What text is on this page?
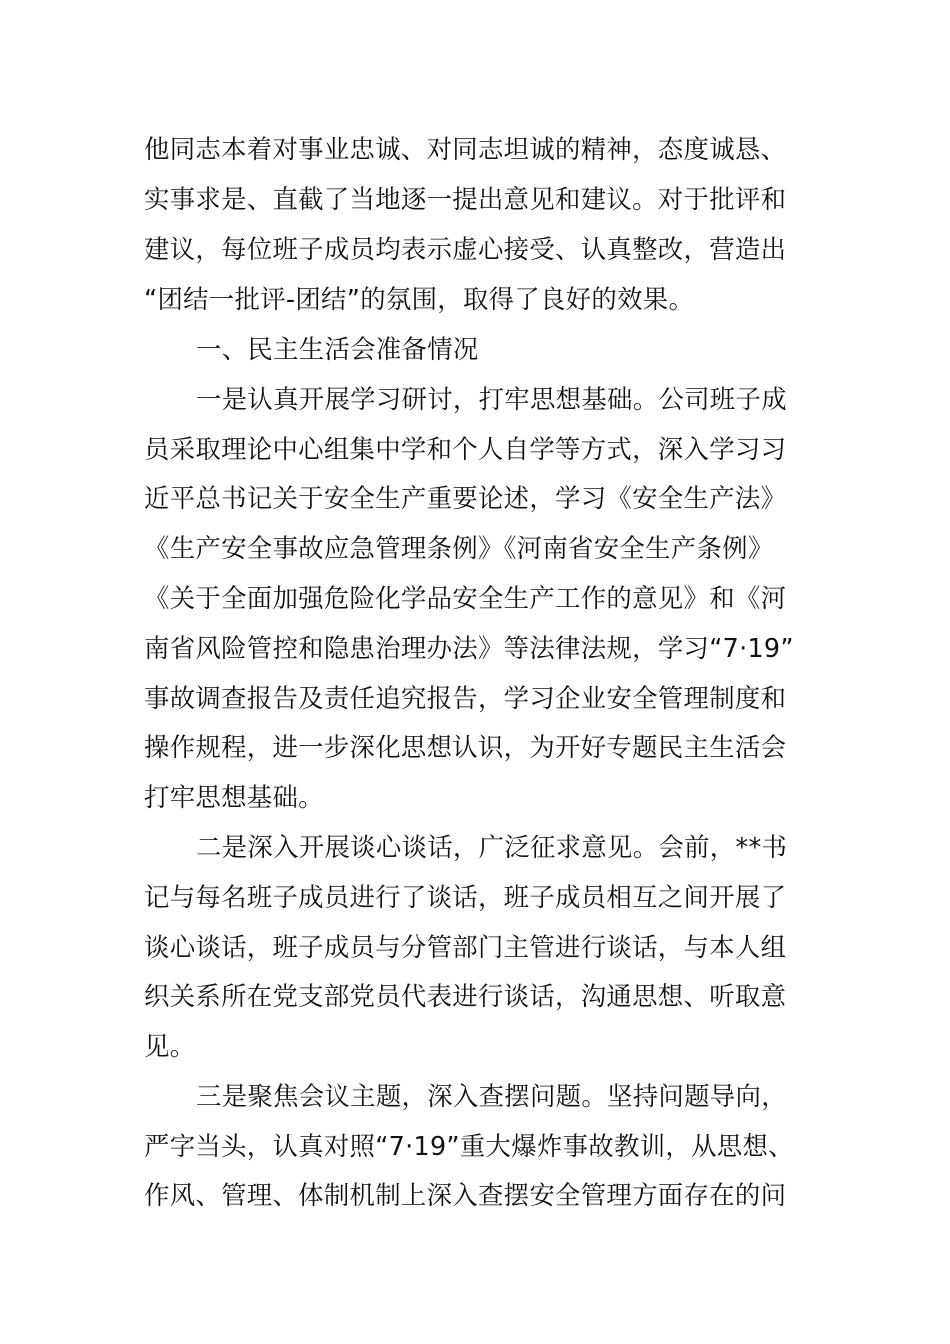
他同志本着对事业忠诚、对同志坦诚的精神，态度诚恳、
实事求是、直截了当地逐一提出意见和建议。对于批评和
建议，每位班子成员均表示虚心接受、认真整改，营造出
“团结一批评-团结”的氛围，取得了良好的效果。
一、民主生活会准备情况
一是认真开展学习研讨，打牢思想基础。公司班子成
员采取理论中心组集中学和个人自学等方式，深入学习习
近平总书记关于安全生产重要论述，学习《安全生产法》
《生产安全事故应急管理条例》《河南省安全生产条例》
《关于全面加强危险化学品安全生产工作的意见》和《河
南省风险管控和隐患治理办法》等法律法规，学习“7·19”
事故调查报告及责任追究报告，学习企业安全管理制度和
操作规程，进一步深化思想认识，为开好专题民主生活会
打牢思想基础。
二是深入开展谈心谈话，广泛征求意见。会前，**书
记与每名班子成员进行了谈话，班子成员相互之间开展了
谈心谈话，班子成员与分管部门主管进行谈话，与本人组
织关系所在党支部党员代表进行谈话，沟通思想、听取意
见。
三是聚焦会议主题，深入查摆问题。坚持问题导向，
严字当头，认真对照“7·19”重大爆炸事故教训，从思想、
作风、管理、体制机制上深入查摆安全管理方面存在的问
